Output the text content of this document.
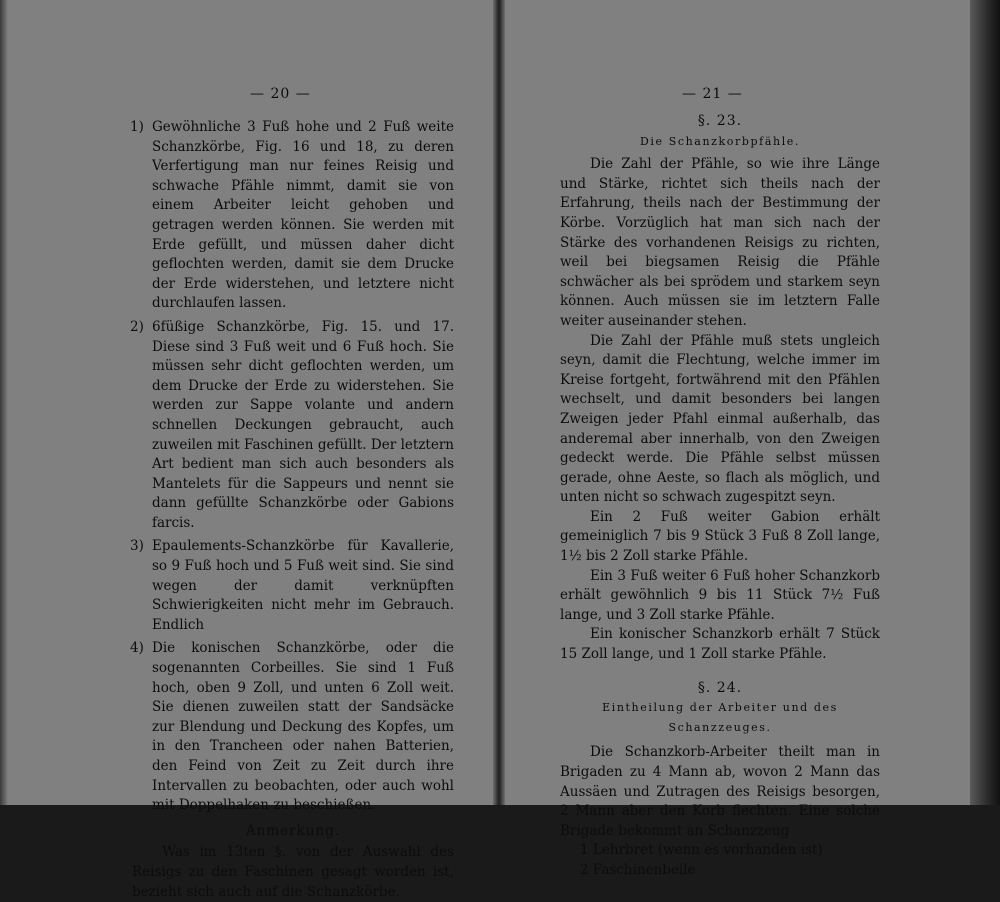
— 20 —
1) Gewöhnliche 3 Fuß hohe und 2 Fuß weite Schanzkörbe, Fig. 16 und 18, zu deren Verfertigung man nur feines Reisig und schwache Pfähle nimmt, damit sie von einem Arbeiter leicht gehoben und getragen werden können. Sie werden mit Erde gefüllt, und müssen daher dicht geflochten werden, damit sie dem Drucke der Erde widerstehen, und letztere nicht durchlaufen lassen.
2) 6füßige Schanzkörbe, Fig. 15. und 17. Diese sind 3 Fuß weit und 6 Fuß hoch. Sie müssen sehr dicht geflochten werden, um dem Drucke der Erde zu widerstehen. Sie werden zur Sappe volante und andern schnellen Deckungen gebraucht, auch zuweilen mit Faschinen gefüllt. Der letztern Art bedient man sich auch besonders als Mantelets für die Sappeurs und nennt sie dann gefüllte Schanzkörbe oder Gabions farcis.
3) Epaulements-Schanzkörbe für Kavallerie, so 9 Fuß hoch und 5 Fuß weit sind. Sie sind wegen der damit verknüpften Schwierigkeiten nicht mehr im Gebrauch. Endlich
4) Die konischen Schanzkörbe, oder die sogenannten Corbeilles. Sie sind 1 Fuß hoch, oben 9 Zoll, und unten 6 Zoll weit. Sie dienen zuweilen statt der Sandsäcke zur Blendung und Deckung des Kopfes, um in den Trancheen oder nahen Batterien, den Feind von Zeit zu Zeit durch ihre Intervallen zu beobachten, oder auch wohl mit Doppelhaken zu beschießen.

Anmerkung.

Was im 13ten §. von der Auswahl des Reisigs zu den Faschinen gesagt worden ist, bezieht sich auch auf die Schanzkörbe.

— 21 —

§. 23.

Die Schanzkorbpfähle.

Die Zahl der Pfähle, so wie ihre Länge und Stärke, richtet sich theils nach der Erfahrung, theils nach der Bestimmung der Körbe. Vorzüglich hat man sich nach der Stärke des vorhandenen Reisigs zu richten, weil bei biegsamen Reisig die Pfähle schwächer als bei sprödem und starkem seyn können. Auch müssen sie im letztern Falle weiter auseinander stehen.

Die Zahl der Pfähle muß stets ungleich seyn, damit die Flechtung, welche immer im Kreise fortgeht, fortwährend mit den Pfählen wechselt, und damit besonders bei langen Zweigen jeder Pfahl einmal außerhalb, das anderemal aber innerhalb, von den Zweigen gedeckt werde. Die Pfähle selbst müssen gerade, ohne Aeste, so flach als möglich, und unten nicht so schwach zugespitzt seyn.

Ein 2 Fuß weiter Gabion erhält gemeiniglich 7 bis 9 Stück 3 Fuß 8 Zoll lange, 1½ bis 2 Zoll starke Pfähle.

Ein 3 Fuß weiter 6 Fuß hoher Schanzkorb erhält gewöhnlich 9 bis 11 Stück 7½ Fuß lange, und 3 Zoll starke Pfähle.

Ein konischer Schanzkorb erhält 7 Stück 15 Zoll lange, und 1 Zoll starke Pfähle.

§. 24.

Eintheilung der Arbeiter und des Schanzzeuges.

Die Schanzkorb-Arbeiter theilt man in Brigaden zu 4 Mann ab, wovon 2 Mann das Aussäen und Zutragen des Reisigs besorgen, 2 Mann aber den Korb flechten. Eine solche Brigade bekommt an Schanzzeug

1 Lehrbret (wenn es vorhanden ist)

2 Faschinenbeile
